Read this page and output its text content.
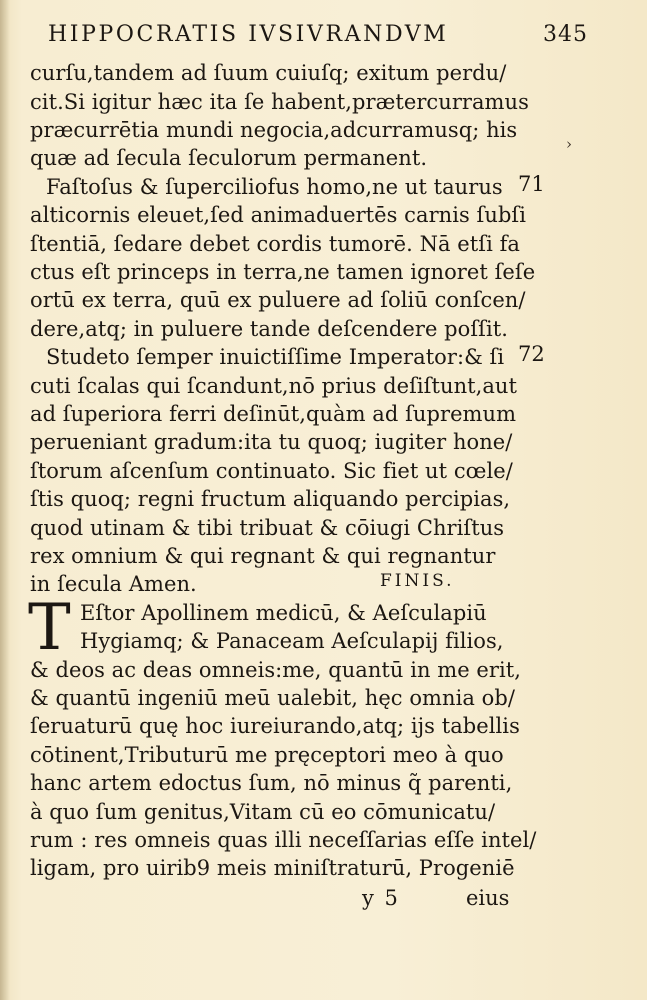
HIPPOCRATIS IVSIVRANDVM	345
›
curſu,tandem ad ſuum cuiuſq; exitum perdu/
cit.Si igitur hæc ita ſe habent,prætercurramus
præcurrētia mundi negocia,adcurramusq; his
quæ ad ſecula ſeculorum permanent.
Faſtoſus & ſuperciliofus homo,ne ut taurus 71
alticornis eleuet,ſed animaduertēs carnis ſubſi
ſtentiā, ſedare debet cordis tumorē. Nā etſi fa
ctus eſt princeps in terra,ne tamen ignoret ſeſe
ortū ex terra, quū ex puluere ad ſoliū conſcen/
dere,atq; in puluere tande deſcendere poſſit.
Studeto ſemper inuictiſſime Imperator:& ſi 72
cuti ſcalas qui ſcandunt,nō prius deſiſtunt,aut
ad ſuperiora ferri deſinūt,quàm ad ſupremum
perueniant gradum:ita tu quoq; iugiter hone/
ſtorum aſcenſum continuato. Sic fiet ut cœle/
ſtis quoq; regni fructum aliquando percipias,
quod utinam & tibi tribuat & cōiugi Chriſtus
rex omnium & qui regnant & qui regnantur
in ſecula Amen.	FINIS.
T Eſtor Apollinem medicū, & Aeſculapiū
Hygiamq; & Panaceam Aeſculapij filios,
& deos ac deas omneis:me, quantū in me erit,
& quantū ingeniū meū ualebit, hęc omnia ob/
ſeruaturū quę hoc iureiurando,atq; ijs tabellis
cōtinent,Tributurū me pręceptori meo à quo
hanc artem edoctus ſum, nō minus q̃ parenti,
à quo ſum genitus,Vitam cū eo cōmunicatu/
rum : res omneis quas illi neceſſarias eſſe intel/
ligam, pro uirib9 meis miniſtraturū, Progeniē
y 5	eius
